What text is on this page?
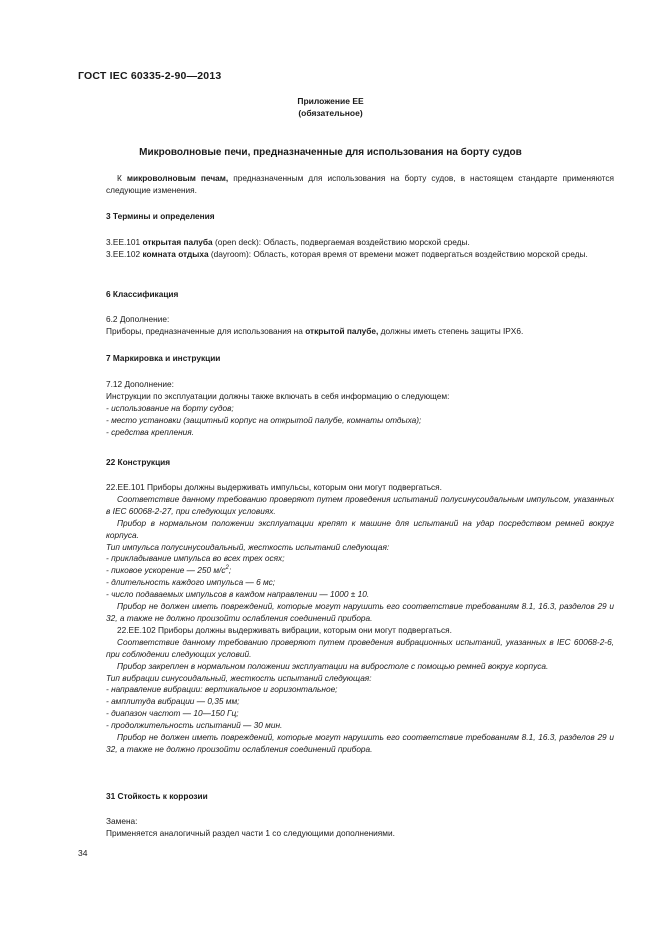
ГОСТ IEC 60335-2-90—2013
Приложение ЕЕ
(обязательное)
Микроволновые печи, предназначенные для использования на борту судов

К микроволновым печам, предназначенным для использования на борту судов, в настоящем стандарте применяются следующие изменения.

3 Термины и определения

3.ЕЕ.101 открытая палуба (open deck): Область, подвергаемая воздействию морской среды.

3.ЕЕ.102 комната отдыха (dayroom): Область, которая время от времени может подвергаться воздействию морской среды.

6 Классификация

6.2 Дополнение:

Приборы, предназначенные для использования на открытой палубе, должны иметь степень защиты IPX6.

7 Маркировка и инструкции

7.12 Дополнение:

Инструкции по эксплуатации должны также включать в себя информацию о следующем:

- использование на борту судов;

- место установки (защитный корпус на открытой палубе, комнаты отдыха);

- средства крепления.

22 Конструкция

22.ЕЕ.101 Приборы должны выдерживать импульсы, которым они могут подвергаться.

Соответствие данному требованию проверяют путем проведения испытаний полусинусоидальным импульсом, указанных в IEC 60068-2-27, при следующих условиях.

Прибор в нормальном положении эксплуатации крепят к машине для испытаний на удар посредством ремней вокруг корпуса.

Тип импульса полусинусоидальный, жесткость испытаний следующая:

- прикладывание импульса во всех трех осях;

- пиковое ускорение — 250 $м/с^2$;

- длительность каждого импульса — 6 мс;

- число подаваемых импульсов в каждом направлении — 1000 ± 10.

Прибор не должен иметь повреждений, которые могут нарушить его соответствие требованиям 8.1, 16.3, разделов 29 и 32, а также не должно произойти ослабления соединений прибора.

22.ЕЕ.102 Приборы должны выдерживать вибрации, которым они могут подвергаться.

Соответствие данному требованию проверяют путем проведения вибрационных испытаний, указанных в IEC 60068-2-6, при соблюдении следующих условий.

Прибор закреплен в нормальном положении эксплуатации на вибростоле с помощью ремней вокруг корпуса.

Тип вибрации синусоидальный, жесткость испытаний следующая:

- направление вибрации: вертикальное и горизонтальное;

- амплитуда вибрации — 0,35 мм;

- диапазон частот — 10—150 Гц;

- продолжительность испытаний — 30 мин.

Прибор не должен иметь повреждений, которые могут нарушить его соответствие требованиям 8.1, 16.3, разделов 29 и 32, а также не должно произойти ослабления соединений прибора.

31 Стойкость к коррозии

Замена:

Применяется аналогичный раздел части 1 со следующими дополнениями.

34
